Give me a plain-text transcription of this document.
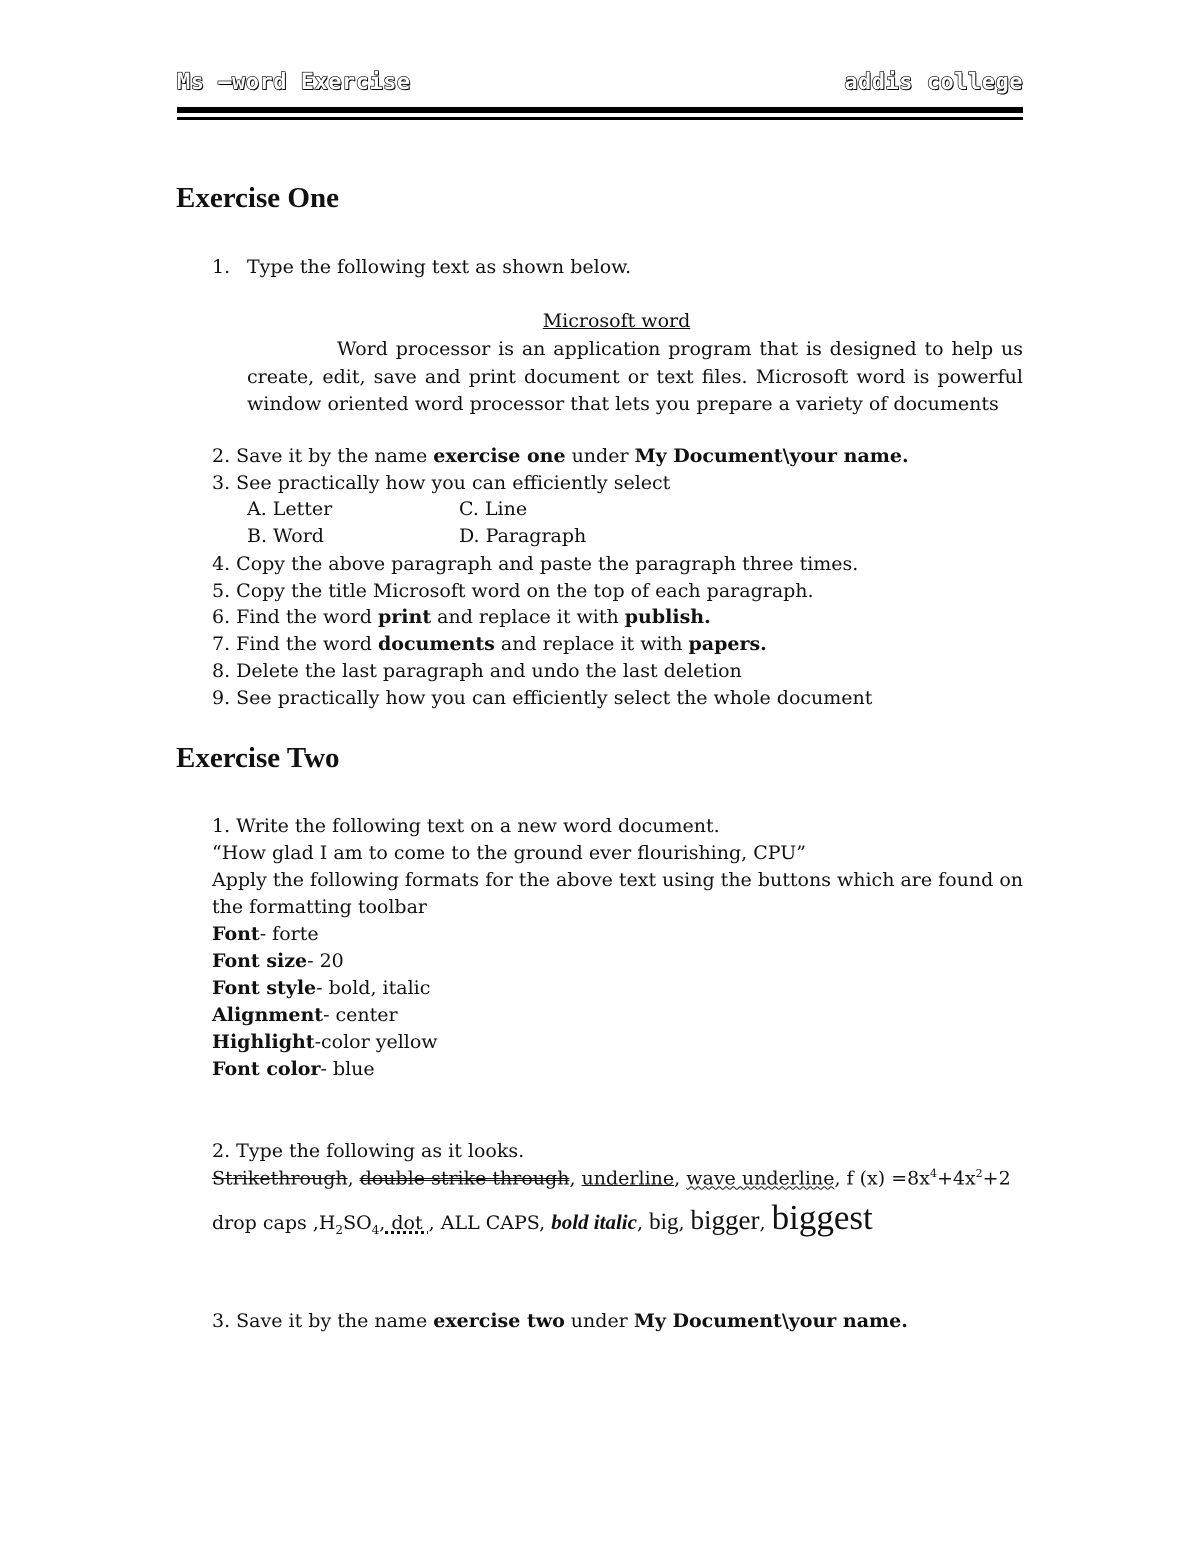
Ms –word Exercise	addis college
Exercise One
1. Type the following text as shown below.
Microsoft word
Word processor is an application program that is designed to help us create, edit, save and print document or text files. Microsoft word is powerful window oriented word processor that lets you prepare a variety of documents
2. Save it by the name exercise one under My Document\your name.
3. See practically how you can efficiently select
A. Letter	C. Line
B. Word	D. Paragraph
4. Copy the above paragraph and paste the paragraph three times.
5. Copy the title Microsoft word on the top of each paragraph.
6. Find the word print and replace it with publish.
7. Find the word documents and replace it with papers.
8. Delete the last paragraph and undo the last deletion
9. See practically how you can efficiently select the whole document
Exercise Two
1. Write the following text on a new word document.
“How glad I am to come to the ground ever flourishing, CPU”
Apply the following formats for the above text using the buttons which are found on
the formatting toolbar
Font- forte
Font size- 20
Font style- bold, italic
Alignment- center
Highlight-color yellow
Font color- blue
2. Type the following as it looks.
Strikethrough, double strike through, underline, wave underline, f $(x) =8x^4+4x^2+2$
drop caps $,H_2SO_4$, dot , ALL CAPS, bold italic, big, bigger, biggest
3. Save it by the name exercise two under My Document\your name.
